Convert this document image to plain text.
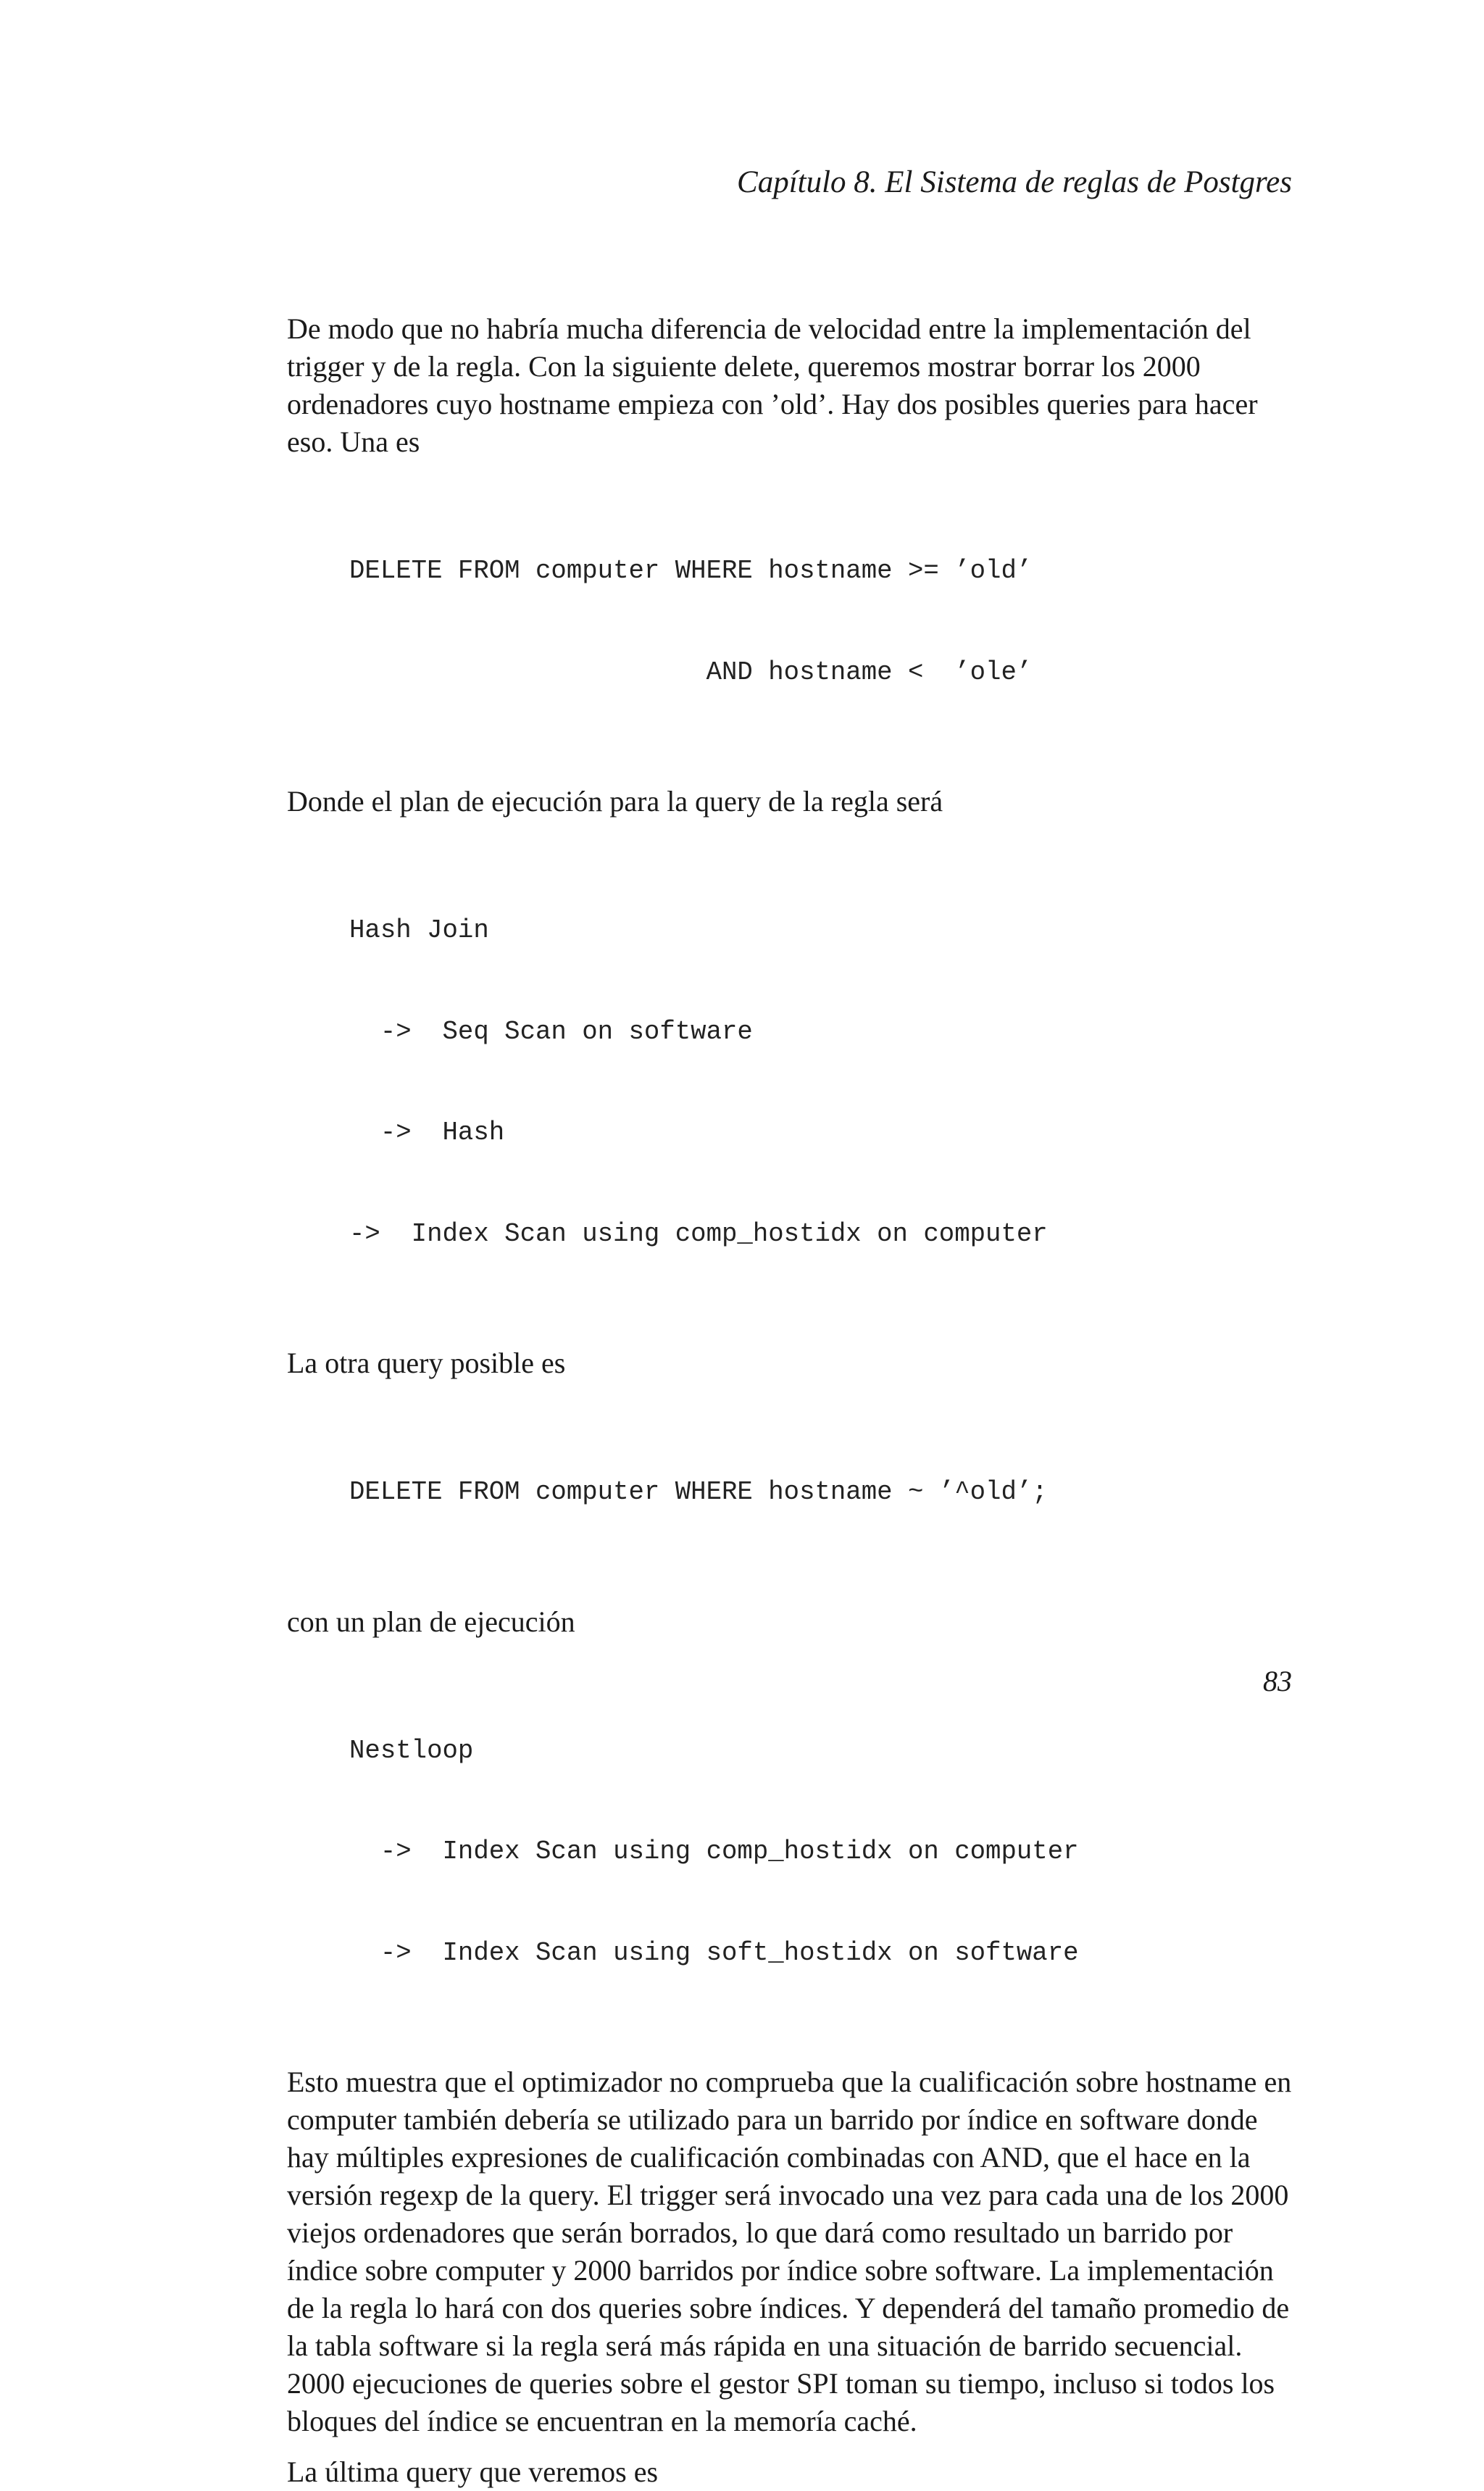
Capítulo 8. El Sistema de reglas de Postgres

De modo que no habría mucha diferencia de velocidad entre la implementación del
trigger y de la regla. Con la siguiente delete, queremos mostrar borrar los 2000
ordenadores cuyo hostname empieza con ’old’. Hay dos posibles queries para hacer
eso. Una es

DELETE FROM computer WHERE hostname >= ’old’

AND hostname <  ’ole’

Donde el plan de ejecución para la query de la regla será

Hash Join

->  Seq Scan on software

->  Hash

->  Index Scan using comp_hostidx on computer

La otra query posible es

DELETE FROM computer WHERE hostname ~ ’^old’;

con un plan de ejecución

Nestloop

->  Index Scan using comp_hostidx on computer

->  Index Scan using soft_hostidx on software

Esto muestra que el optimizador no comprueba que la cualificación sobre hostname en
computer también debería se utilizado para un barrido por índice en software donde
hay múltiples expresiones de cualificación combinadas con AND, que el hace en la
versión regexp de la query. El trigger será invocado una vez para cada una de los 2000
viejos ordenadores que serán borrados, lo que dará como resultado un barrido por
índice sobre computer y 2000 barridos por índice sobre software. La implementación
de la regla lo hará con dos queries sobre índices. Y dependerá del tamaño promedio de
la tabla software si la regla será más rápida en una situación de barrido secuencial.
2000 ejecuciones de queries sobre el gestor SPI toman su tiempo, incluso si todos los
bloques del índice se encuentran en la memoría caché.

La última query que veremos es

83
